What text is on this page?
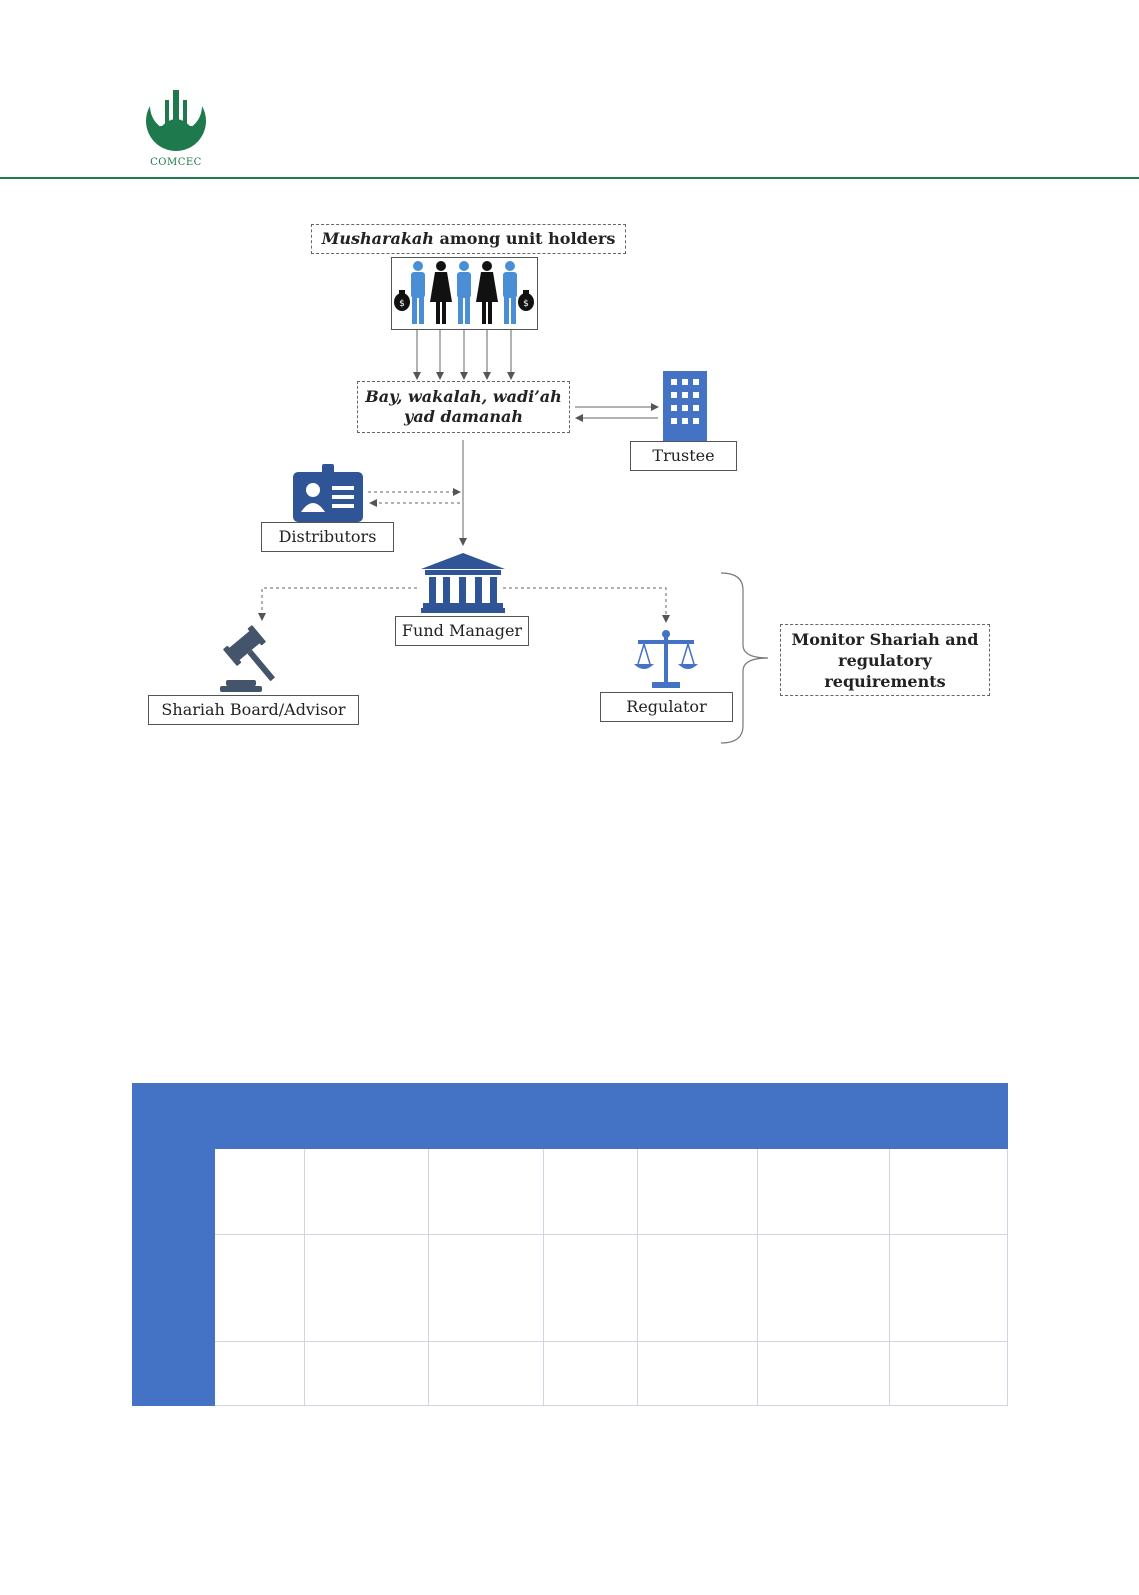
COMCEC
Musharakah among unit holders
$	$
Bay, wakalah, wadi’ah
yad damanah
Trustee
Distributors
Fund Manager
Shariah Board/Advisor	Regulator
Monitor Shariah and
regulatory
requirements
